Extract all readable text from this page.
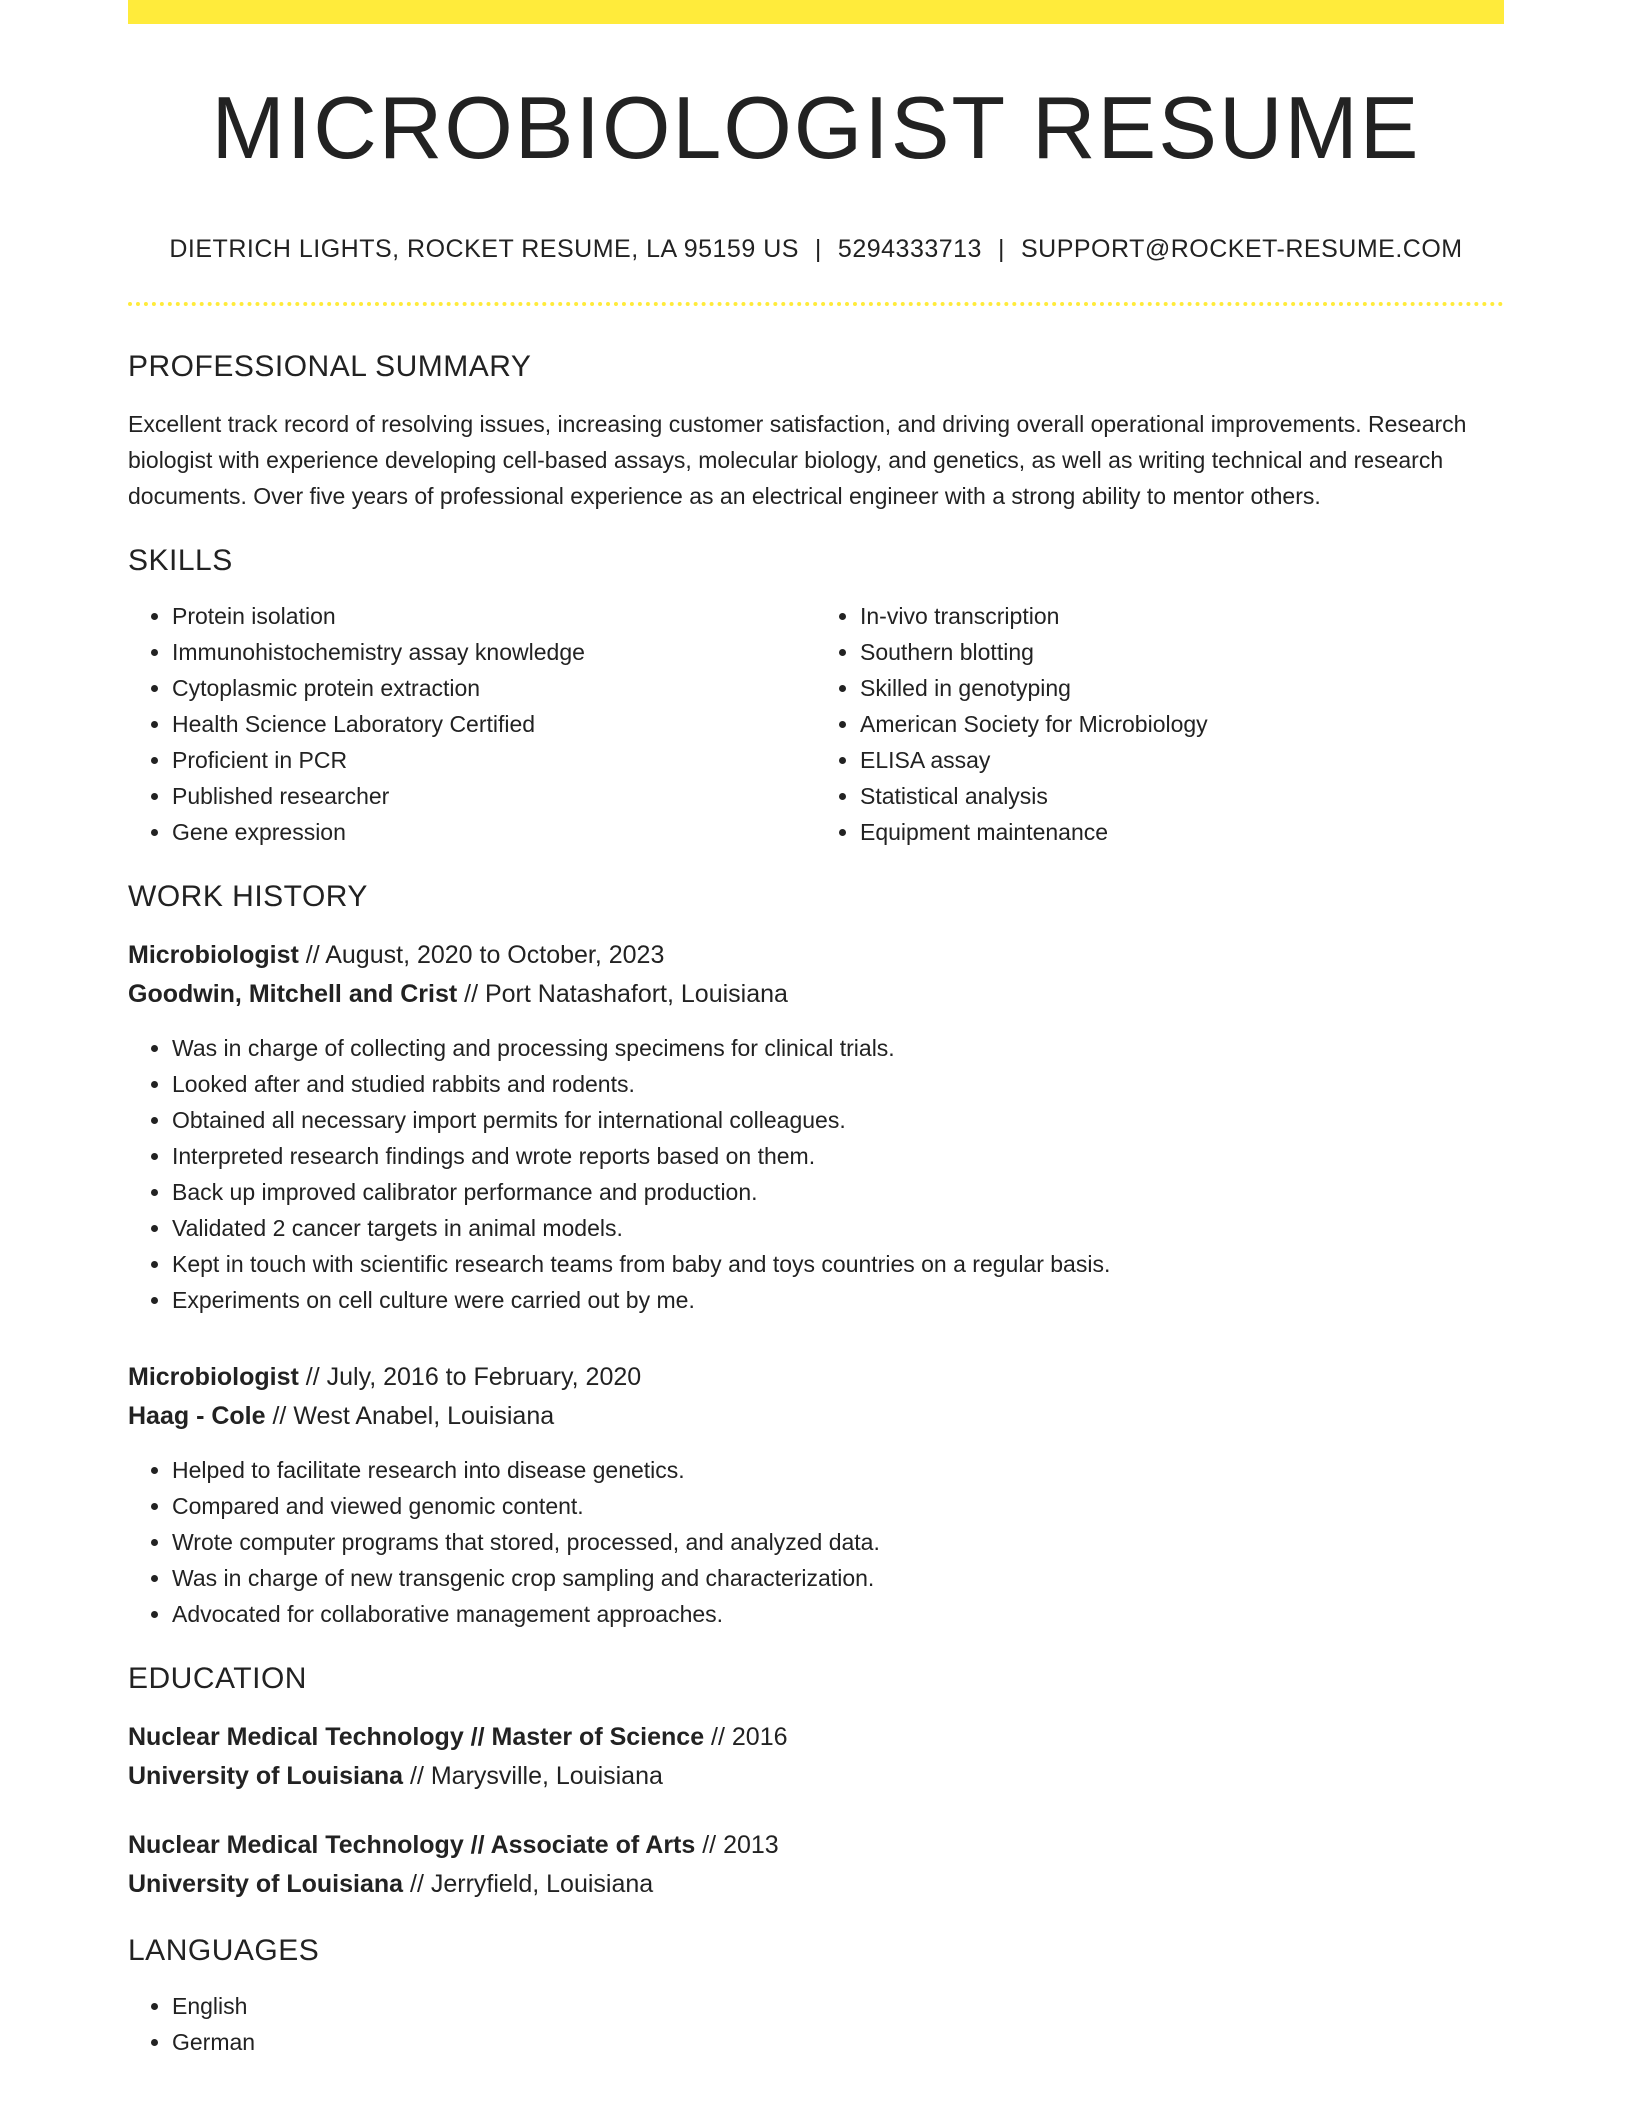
MICROBIOLOGIST RESUME
DIETRICH LIGHTS, ROCKET RESUME, LA 95159 US | 5294333713 | SUPPORT@ROCKET-RESUME.COM
PROFESSIONAL SUMMARY
Excellent track record of resolving issues, increasing customer satisfaction, and driving overall operational improvements. Research biologist with experience developing cell-based assays, molecular biology, and genetics, as well as writing technical and research documents. Over five years of professional experience as an electrical engineer with a strong ability to mentor others.
SKILLS
• Protein isolation
• Immunohistochemistry assay knowledge
• Cytoplasmic protein extraction
• Health Science Laboratory Certified
• Proficient in PCR
• Published researcher
• Gene expression
• In-vivo transcription
• Southern blotting
• Skilled in genotyping
• American Society for Microbiology
• ELISA assay
• Statistical analysis
• Equipment maintenance
WORK HISTORY
Microbiologist // August, 2020 to October, 2023
Goodwin, Mitchell and Crist // Port Natashafort, Louisiana
• Was in charge of collecting and processing specimens for clinical trials.
• Looked after and studied rabbits and rodents.
• Obtained all necessary import permits for international colleagues.
• Interpreted research findings and wrote reports based on them.
• Back up improved calibrator performance and production.
• Validated 2 cancer targets in animal models.
• Kept in touch with scientific research teams from baby and toys countries on a regular basis.
• Experiments on cell culture were carried out by me.
Microbiologist // July, 2016 to February, 2020
Haag - Cole // West Anabel, Louisiana
• Helped to facilitate research into disease genetics.
• Compared and viewed genomic content.
• Wrote computer programs that stored, processed, and analyzed data.
• Was in charge of new transgenic crop sampling and characterization.
• Advocated for collaborative management approaches.
EDUCATION
Nuclear Medical Technology // Master of Science // 2016
University of Louisiana // Marysville, Louisiana
Nuclear Medical Technology // Associate of Arts // 2013
University of Louisiana // Jerryfield, Louisiana
LANGUAGES
• English
• German
